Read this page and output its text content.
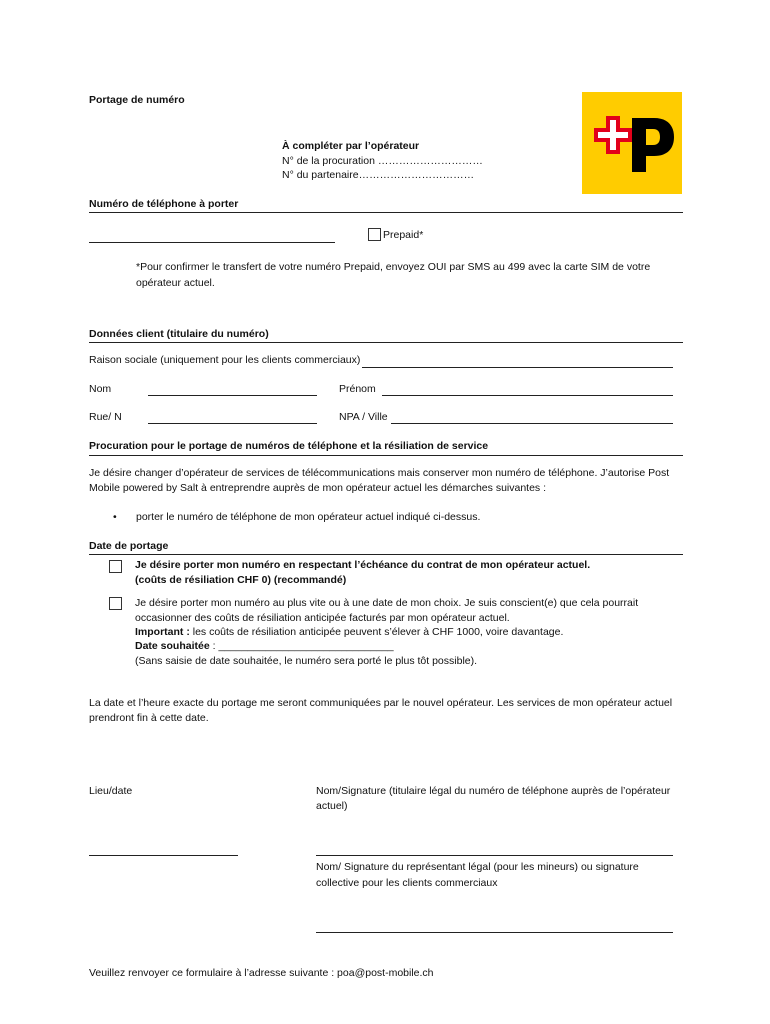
Portage de numéro
À compléter par l’opérateur
N° de la procuration …………………………
N° du partenaire……………………………
Numéro de téléphone à porter
Prepaid*
*Pour confirmer le transfert de votre numéro Prepaid, envoyez OUI par SMS au 499 avec la carte SIM de votre
opérateur actuel.
Données client (titulaire du numéro)
Raison sociale (uniquement pour les clients commerciaux)
Nom	Prénom
Rue/ N	NPA / Ville
Procuration pour le portage de numéros de téléphone et la résiliation de service
Je désire changer d’opérateur de services de télécommunications mais conserver mon numéro de téléphone. J’autorise Post
Mobile powered by Salt à entreprendre auprès de mon opérateur actuel les démarches suivantes :
• porter le numéro de téléphone de mon opérateur actuel indiqué ci-dessus.
Date de portage
Je désire porter mon numéro en respectant l’échéance du contrat de mon opérateur actuel.
(coûts de résiliation CHF 0) (recommandé)
Je désire porter mon numéro au plus vite ou à une date de mon choix. Je suis conscient(e) que cela pourrait
occasionner des coûts de résiliation anticipée facturés par mon opérateur actuel.
Important : les coûts de résiliation anticipée peuvent s’élever à CHF 1000, voire davantage.
Date souhaitée : ______________________________
(Sans saisie de date souhaitée, le numéro sera porté le plus tôt possible).
La date et l’heure exacte du portage me seront communiquées par le nouvel opérateur. Les services de mon opérateur actuel
prendront fin à cette date.
Lieu/date	Nom/Signature (titulaire légal du numéro de téléphone auprès de l’opérateur
actuel)
Nom/ Signature du représentant légal (pour les mineurs) ou signature
collective pour les clients commerciaux
Veuillez renvoyer ce formulaire à l’adresse suivante : poa@post-mobile.ch
